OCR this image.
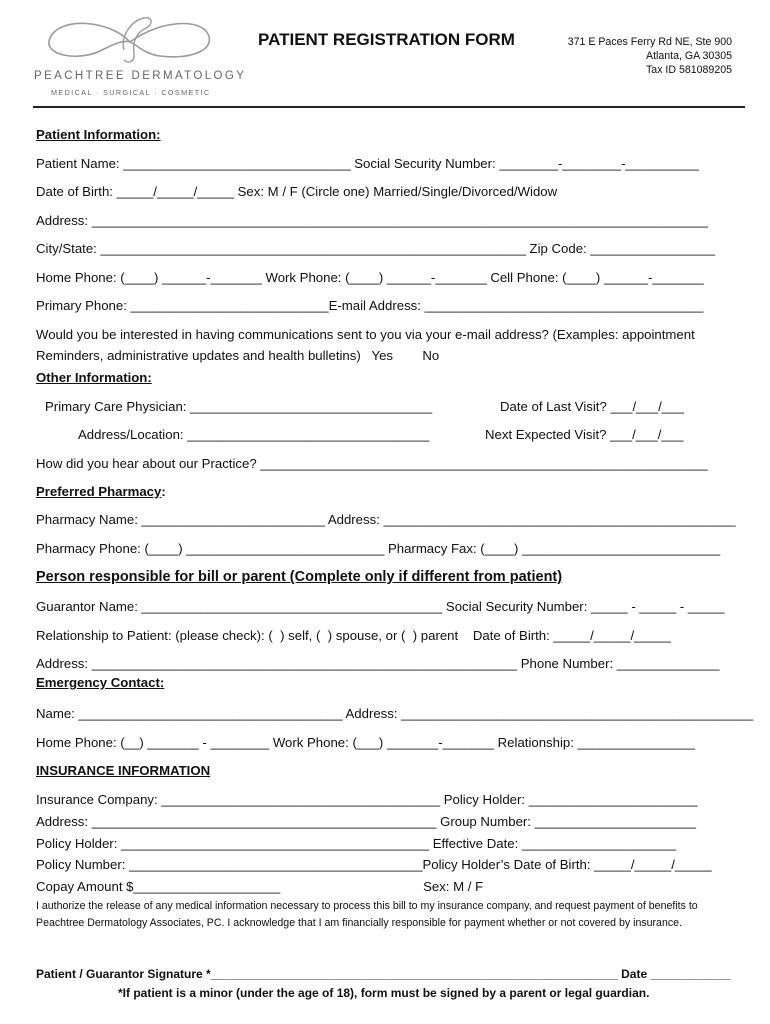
PEACHTREE DERMATOLOGY
MEDICAL · SURGICAL · COSMETIC
PATIENT REGISTRATION FORM	371 E Paces Ferry Rd NE, Ste 900
Atlanta, GA 30305
Tax ID 581089205
Patient Information:
Patient Name: _______________________________ Social Security Number: ________-________-__________
Date of Birth: _____/_____/_____ Sex: M / F (Circle one) Married/Single/Divorced/Widow
Address: ____________________________________________________________________________________
City/State: __________________________________________________________ Zip Code: _________________
Home Phone: (____) ______-_______ Work Phone: (____) ______-_______ Cell Phone: (____) ______-_______
Primary Phone: ___________________________E-mail Address: ______________________________________
Would you be interested in having communications sent to you via your e-mail address? (Examples: appointment
Reminders, administrative updates and health bulletins)   Yes        No
Other Information:
Primary Care Physician: _________________________________	Date of Last Visit? ___/___/___
Address/Location: _________________________________	Next Expected Visit? ___/___/___
How did you hear about our Practice? _____________________________________________________________
Preferred Pharmacy:
Pharmacy Name: _________________________ Address: ________________________________________________
Pharmacy Phone: (____) ___________________________ Pharmacy Fax: (____) ___________________________
Person responsible for bill or parent (Complete only if different from patient)
Guarantor Name: _________________________________________ Social Security Number: _____ - _____ - _____
Relationship to Patient: (please check): (  ) self, (  ) spouse, or (  ) parent    Date of Birth: _____/_____/_____
Address: __________________________________________________________ Phone Number: ______________
Emergency Contact:
Name: ____________________________________ Address: ________________________________________________
Home Phone: (__) _______ - ________ Work Phone: (___) _______-_______ Relationship: ________________
INSURANCE INFORMATION
Insurance Company: ______________________________________ Policy Holder: _______________________
Address: _______________________________________________ Group Number: ______________________
Policy Holder: __________________________________________ Effective Date: _____________________
Policy Number: ________________________________________Policy Holder’s Date of Birth: _____/_____/_____
Copay Amount $____________________                                       Sex: M / F
I authorize the release of any medical information necessary to process this bill to my insurance company, and request payment of benefits to Peachtree Dermatology Associates, PC. I acknowledge that I am financially responsible for payment whether or not covered by insurance.
Patient / Guarantor Signature *_____________________________________________________________ Date ____________
*If patient is a minor (under the age of 18), form must be signed by a parent or legal guardian.
